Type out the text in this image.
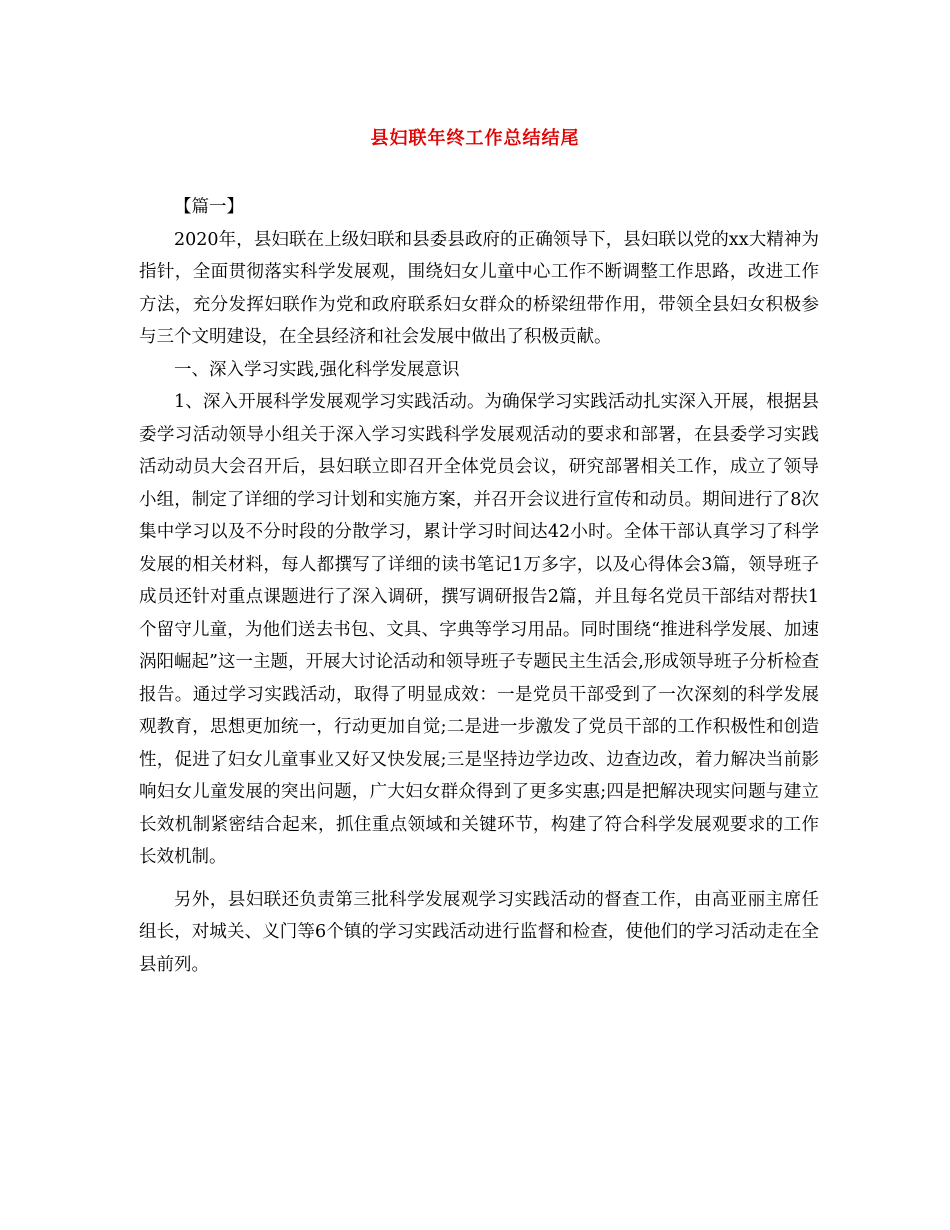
县妇联年终工作总结结尾

【篇一】

2020年，县妇联在上级妇联和县委县政府的正确领导下，县妇联以党的xx大精神为指针，全面贯彻落实科学发展观，围绕妇女儿童中心工作不断调整工作思路，改进工作方法，充分发挥妇联作为党和政府联系妇女群众的桥梁纽带作用，带领全县妇女积极参与三个文明建设，在全县经济和社会发展中做出了积极贡献。

一、深入学习实践,强化科学发展意识

1、深入开展科学发展观学习实践活动。为确保学习实践活动扎实深入开展，根据县委学习活动领导小组关于深入学习实践科学发展观活动的要求和部署，在县委学习实践活动动员大会召开后，县妇联立即召开全体党员会议，研究部署相关工作，成立了领导小组，制定了详细的学习计划和实施方案，并召开会议进行宣传和动员。期间进行了8次集中学习以及不分时段的分散学习，累计学习时间达42小时。全体干部认真学习了科学发展的相关材料，每人都撰写了详细的读书笔记1万多字，以及心得体会3篇，领导班子成员还针对重点课题进行了深入调研，撰写调研报告2篇，并且每名党员干部结对帮扶1个留守儿童，为他们送去书包、文具、字典等学习用品。同时围绕“推进科学发展、加速涡阳崛起”这一主题，开展大讨论活动和领导班子专题民主生活会,形成领导班子分析检查报告。通过学习实践活动，取得了明显成效：一是党员干部受到了一次深刻的科学发展观教育，思想更加统一，行动更加自觉;二是进一步激发了党员干部的工作积极性和创造性，促进了妇女儿童事业又好又快发展;三是坚持边学边改、边查边改，着力解决当前影响妇女儿童发展的突出问题，广大妇女群众得到了更多实惠;四是把解决现实问题与建立长效机制紧密结合起来，抓住重点领域和关键环节，构建了符合科学发展观要求的工作长效机制。

另外，县妇联还负责第三批科学发展观学习实践活动的督查工作，由高亚丽主席任组长，对城关、义门等6个镇的学习实践活动进行监督和检查，使他们的学习活动走在全县前列。
